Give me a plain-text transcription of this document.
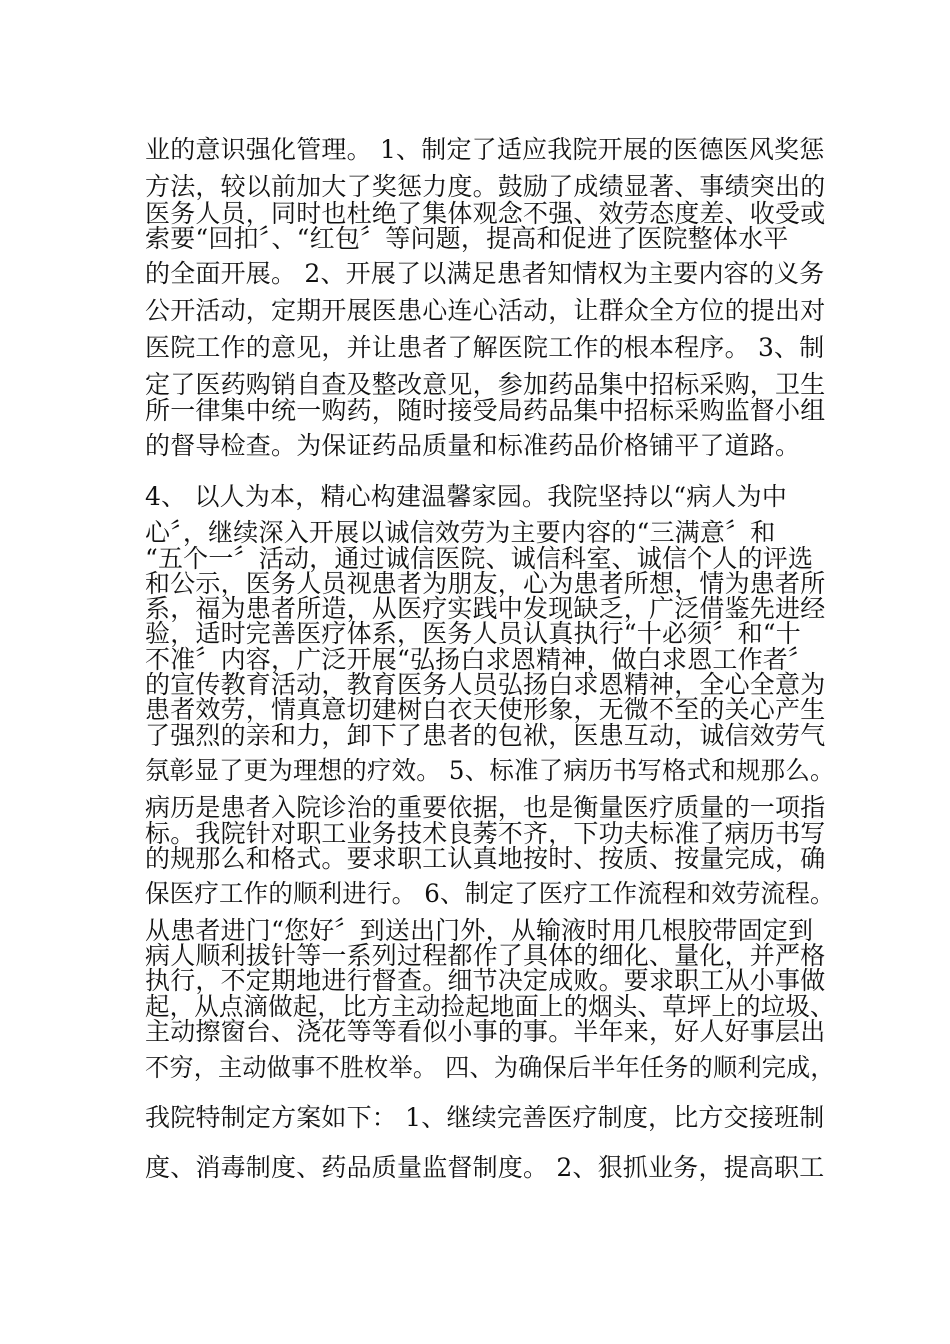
业的意识强化管理。 1、制定了适应我院开展的医德医风奖惩
方法，较以前加大了奖惩力度。鼓励了成绩显著、事绩突出的
医务人员，同时也杜绝了集体观念不强、效劳态度差、收受或
索要“回扣〞、“红包〞等问题，提高和促进了医院整体水平
的全面开展。 2、开展了以满足患者知情权为主要内容的义务
公开活动，定期开展医患心连心活动，让群众全方位的提出对
医院工作的意见，并让患者了解医院工作的根本程序。 3、制
定了医药购销自查及整改意见，参加药品集中招标采购，卫生
所一律集中统一购药，随时接受局药品集中招标采购监督小组
的督导检查。为保证药品质量和标准药品价格铺平了道路。
4、 以人为本，精心构建温馨家园。我院坚持以“病人为中
心〞，继续深入开展以诚信效劳为主要内容的“三满意〞和
“五个一〞活动，通过诚信医院、诚信科室、诚信个人的评选
和公示，医务人员视患者为朋友，心为患者所想，情为患者所
系，福为患者所造，从医疗实践中发现缺乏，广泛借鉴先进经
验，适时完善医疗体系，医务人员认真执行“十必须〞和“十
不准〞内容，广泛开展“弘扬白求恩精神，做白求恩工作者〞
的宣传教育活动，教育医务人员弘扬白求恩精神，全心全意为
患者效劳，情真意切建树白衣天使形象，无微不至的关心产生
了强烈的亲和力，卸下了患者的包袱，医患互动，诚信效劳气
氛彰显了更为理想的疗效。 5、标准了病历书写格式和规那么。
病历是患者入院诊治的重要依据，也是衡量医疗质量的一项指
标。我院针对职工业务技术良莠不齐，下功夫标准了病历书写
的规那么和格式。要求职工认真地按时、按质、按量完成，确
保医疗工作的顺利进行。 6、制定了医疗工作流程和效劳流程。
从患者进门“您好〞到送出门外，从输液时用几根胶带固定到
病人顺利拔针等一系列过程都作了具体的细化、量化，并严格
执行，不定期地进行督查。细节决定成败。要求职工从小事做
起，从点滴做起，比方主动捡起地面上的烟头、草坪上的垃圾、
主动擦窗台、浇花等等看似小事的事。半年来，好人好事层出
不穷，主动做事不胜枚举。 四、为确保后半年任务的顺利完成，
我院特制定方案如下： 1、继续完善医疗制度，比方交接班制
度、消毒制度、药品质量监督制度。 2、狠抓业务，提高职工
